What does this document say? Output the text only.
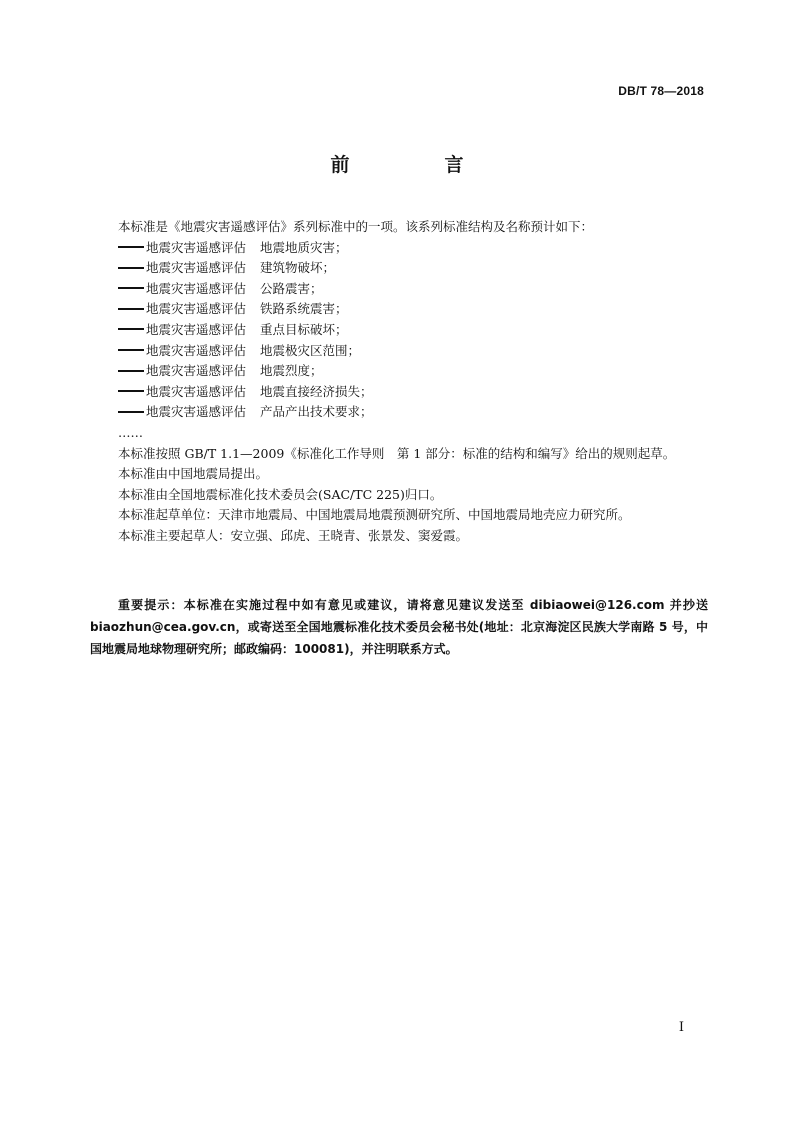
DB/T 78—2018
前　言
本标准是《地震灾害遥感评估》系列标准中的一项。该系列标准结构及名称预计如下：
地震灾害遥感评估 地震地质灾害；
地震灾害遥感评估 建筑物破坏；
地震灾害遥感评估 公路震害；
地震灾害遥感评估 铁路系统震害；
地震灾害遥感评估 重点目标破坏；
地震灾害遥感评估 地震极灾区范围；
地震灾害遥感评估 地震烈度；
地震灾害遥感评估 地震直接经济损失；
地震灾害遥感评估 产品产出技术要求；
……
本标准按照 GB/T 1.1—2009《标准化工作导则　第 1 部分：标准的结构和编写》给出的规则起草。
本标准由中国地震局提出。
本标准由全国地震标准化技术委员会(SAC/TC 225)归口。
本标准起草单位：天津市地震局、中国地震局地震预测研究所、中国地震局地壳应力研究所。
本标准主要起草人：安立强、邱虎、王晓青、张景发、窦爱霞。
重要提示：本标准在实施过程中如有意见或建议，请将意见建议发送至 dibiaowei@126.com 并抄送 biaozhun@cea.gov.cn，或寄送至全国地震标准化技术委员会秘书处(地址：北京海淀区民族大学南路 5 号，中国地震局地球物理研究所；邮政编码：100081)，并注明联系方式。
I
